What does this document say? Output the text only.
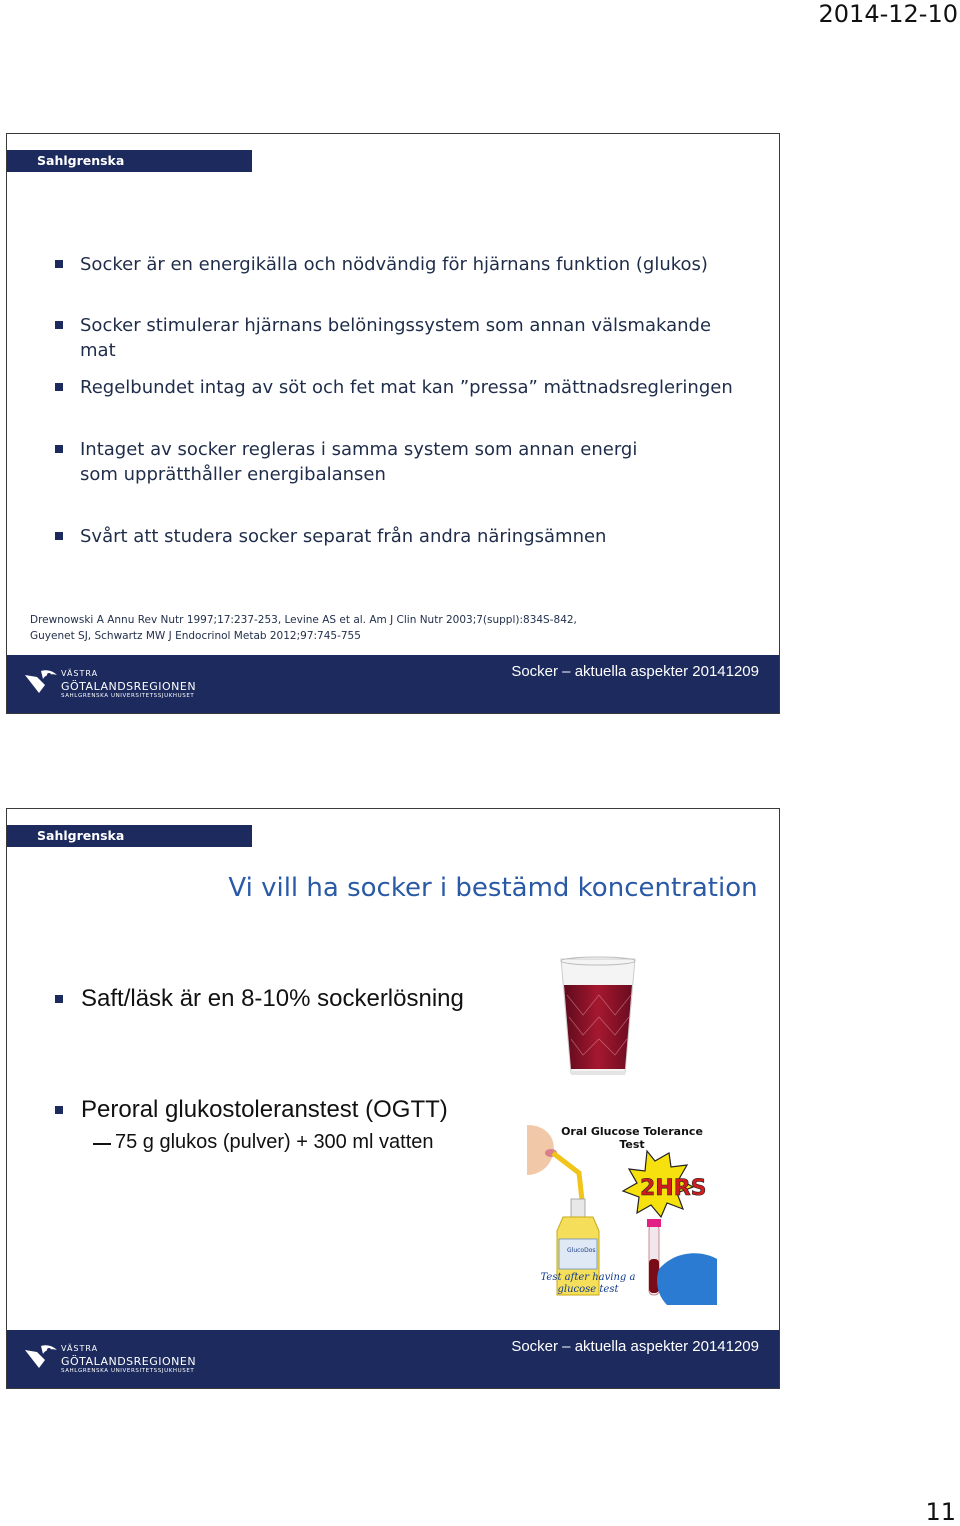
2014-12-10
Sahlgrenska Universitetssjukhuset
Socker är en energikälla och nödvändig för hjärnans funktion (glukos)
Socker stimulerar hjärnans belöningssystem som annan välsmakande mat
Regelbundet intag av söt och fet mat kan ”pressa” mättnadsregleringen
Intaget av socker regleras i samma system som annan energi som upprätthåller energibalansen
Svårt att studera socker separat från andra näringsämnen
Drewnowski A Annu Rev Nutr 1997;17:237-253, Levine AS et al. Am J Clin Nutr 2003;7(suppl):834S-842,
Guyenet SJ, Schwartz MW J Endocrinol Metab 2012;97:745-755
VÄSTRA
GÖTALANDSREGIONEN
SAHLGRENSKA UNIVERSITETSSJUKHUSET
Socker – aktuella aspekter 20141209
Sahlgrenska Universitetssjukhuset
Vi vill ha socker i bestämd koncentration
Saft/läsk är en 8-10% sockerlösning
Peroral glukostoleranstest (OGTT)
75 g glukos (pulver) + 300 ml vatten	Oral Glucose Tolerance
Test
2HRS
GlucoDos
Test after having a
glucose test
VÄSTRA
GÖTALANDSREGIONEN
SAHLGRENSKA UNIVERSITETSSJUKHUSET
Socker – aktuella aspekter 20141209
11
